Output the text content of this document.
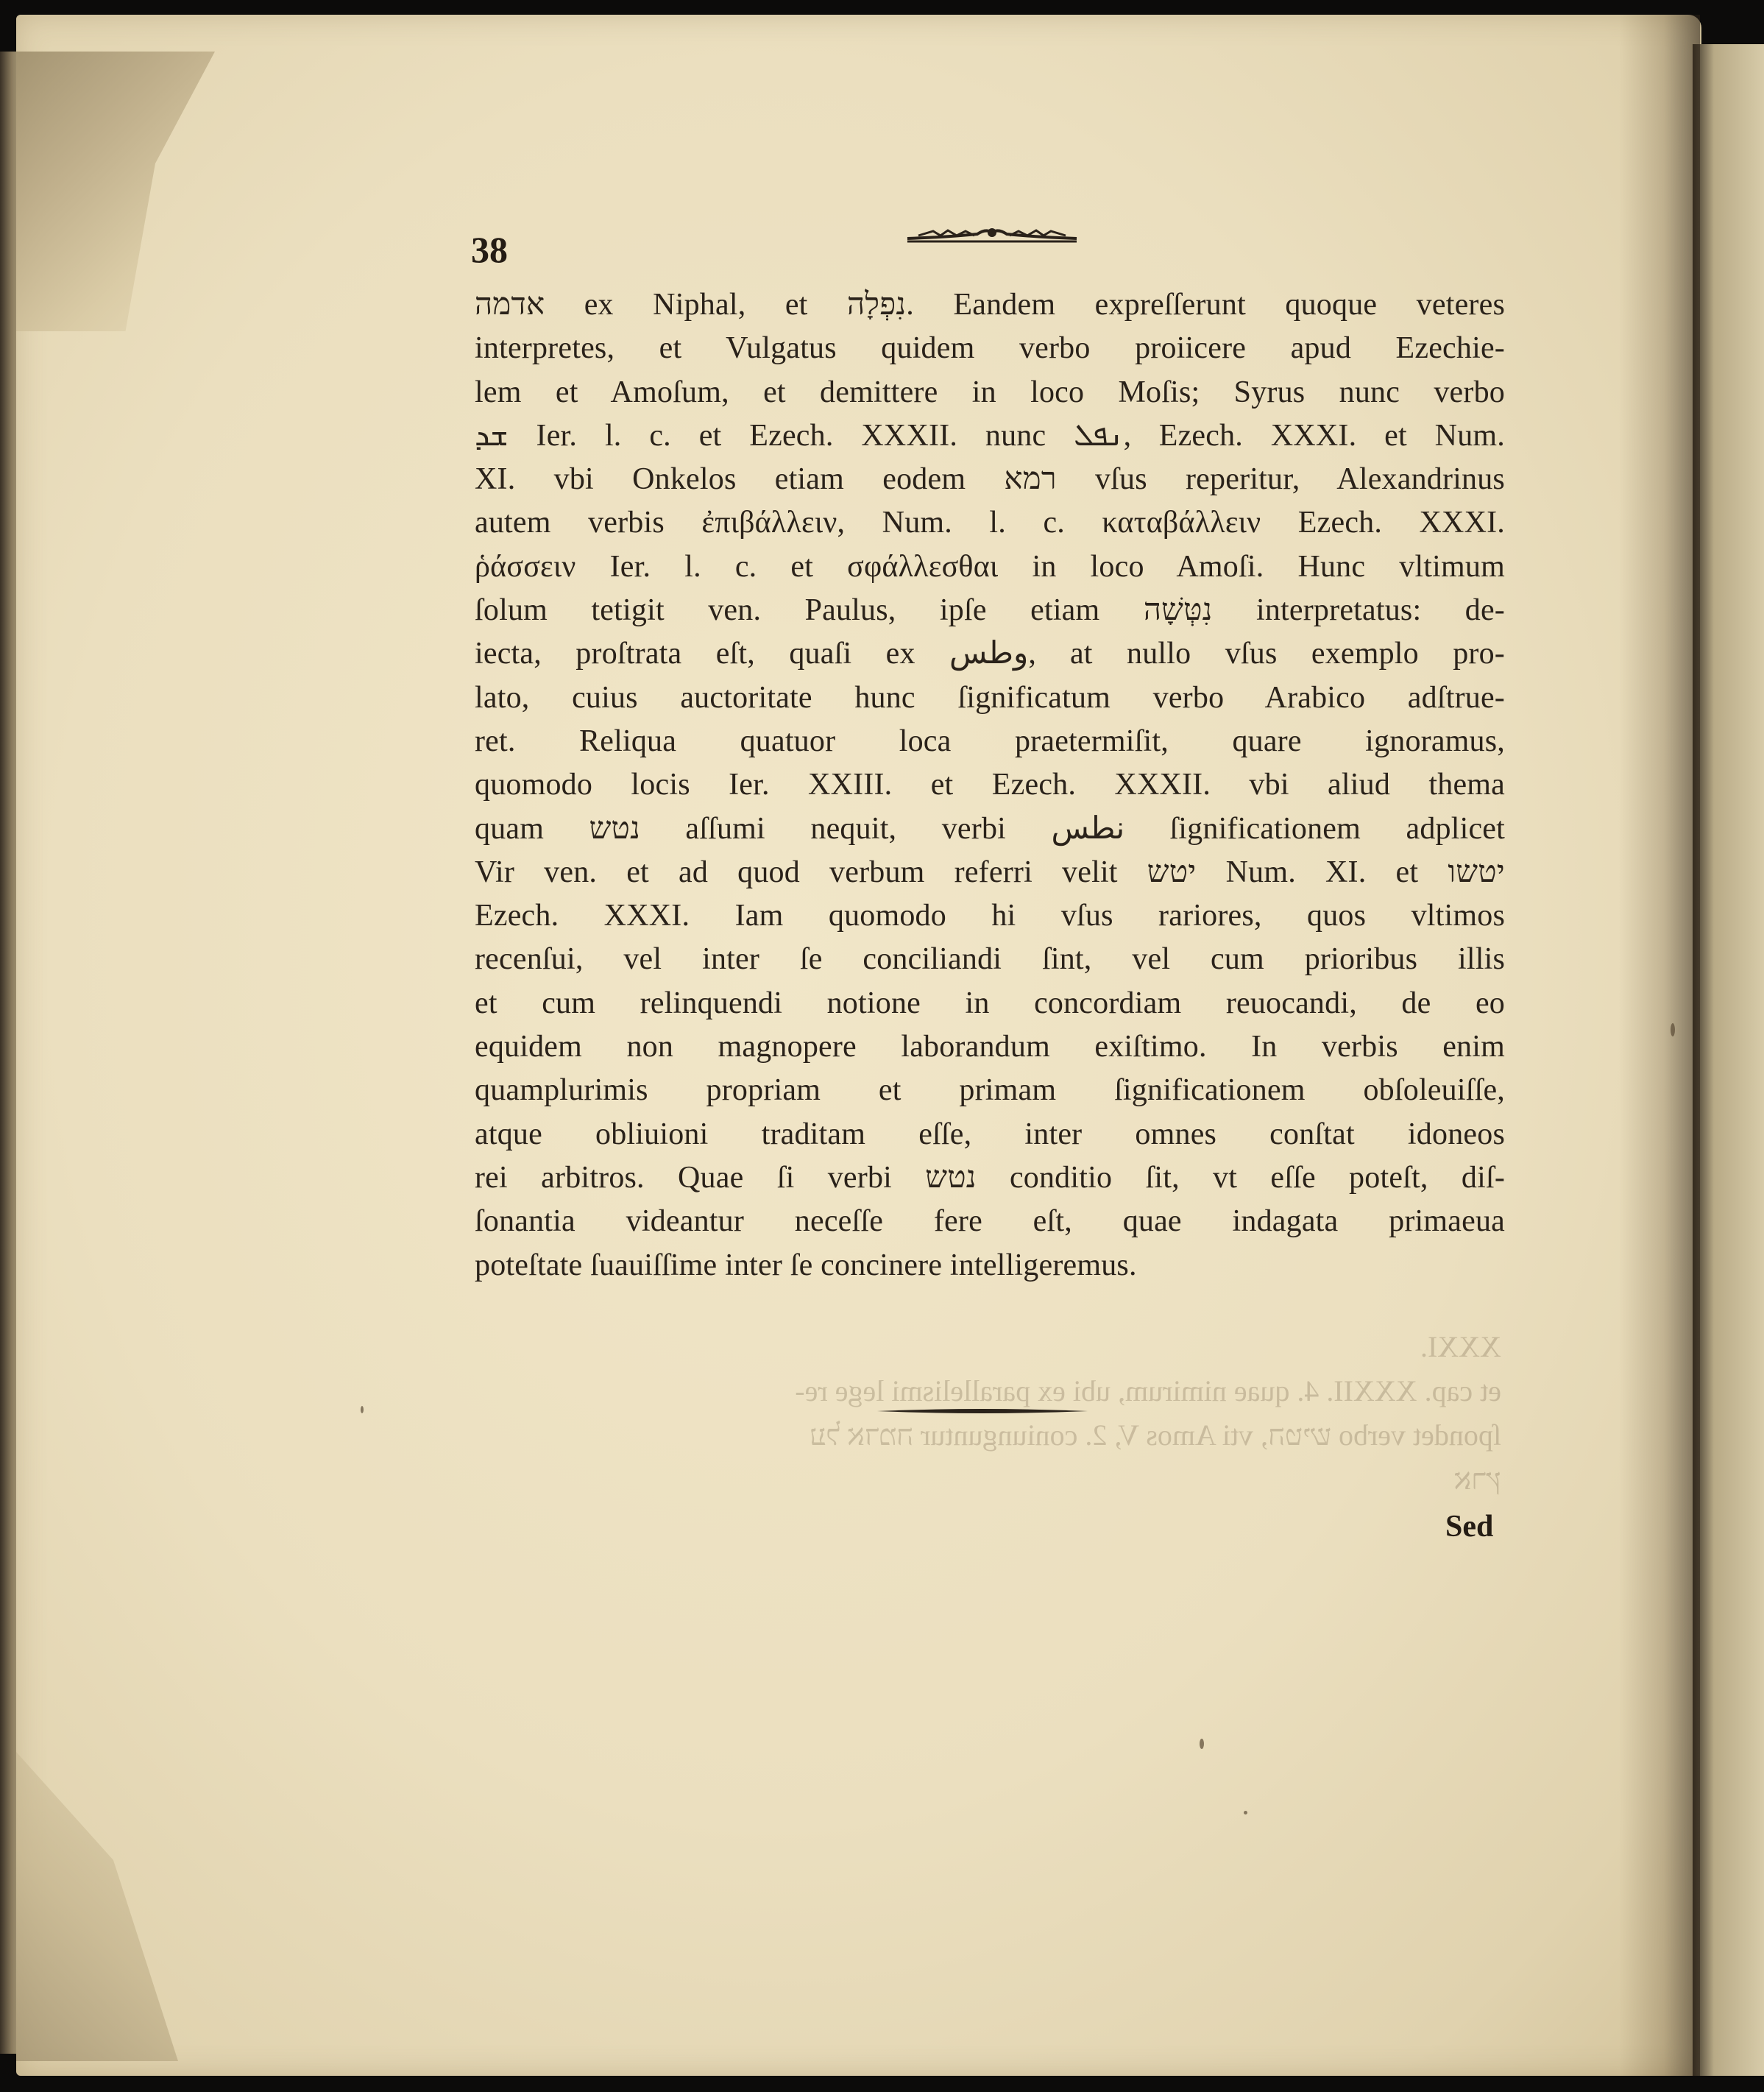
XXXI.
et cap. XXXII. 4. quae nimirum, ubi ex parallelismi lege re-
ſpondet verbo הטיש, vti Amos V, 2. coniunguntur על אדמה
ארץ
38
אדמה ex Niphal, et נִפְלָה. Eandem expreſſerunt quoque veteres
interpretes, et Vulgatus quidem verbo proiicere apud Ezechie-
lem et Amoſum, et demittere in loco Moſis; Syrus nunc verbo
ܫܕ Ier. l. c. et Ezech. XXXII. nunc ܢܦܠ, Ezech. XXXI. et Num.
XI. vbi Onkelos etiam eodem רמא vſus reperitur, Alexandrinus
autem verbis ἐπιβάλλειν, Num. l. c. καταβάλλειν Ezech. XXXI.
ῥάσσειν Ier. l. c. et σφάλλεσθαι in loco Amoſi. Hunc vltimum
ſolum tetigit ven. Paulus, ipſe etiam נִטְּשָׁה interpretatus: de-
iecta, proſtrata eſt, quaſi ex وطس, at nullo vſus exemplo pro-
lato, cuius auctoritate hunc ſignificatum verbo Arabico adſtrue-
ret. Reliqua quatuor loca praetermiſit, quare ignoramus,
quomodo locis Ier. XXIII. et Ezech. XXXII. vbi aliud thema
quam נטש aſſumi nequit, verbi نطس ſignificationem adplicet
Vir ven. et ad quod verbum referri velit יטש Num. XI. et יטשו
Ezech. XXXI. Iam quomodo hi vſus rariores, quos vltimos
recenſui, vel inter ſe conciliandi ſint, vel cum prioribus illis
et cum relinquendi notione in concordiam reuocandi, de eo
equidem non magnopere laborandum exiſtimo. In verbis enim
quamplurimis propriam et primam ſignificationem obſoleuiſſe,
atque obliuioni traditam eſſe, inter omnes conſtat idoneos
rei arbitros. Quae ſi verbi נטש conditio ſit, vt eſſe poteſt, diſ-
ſonantia videantur neceſſe fere eſt, quae indagata primaeua
poteſtate ſuauiſſime inter ſe concinere intelligeremus.
Sed
